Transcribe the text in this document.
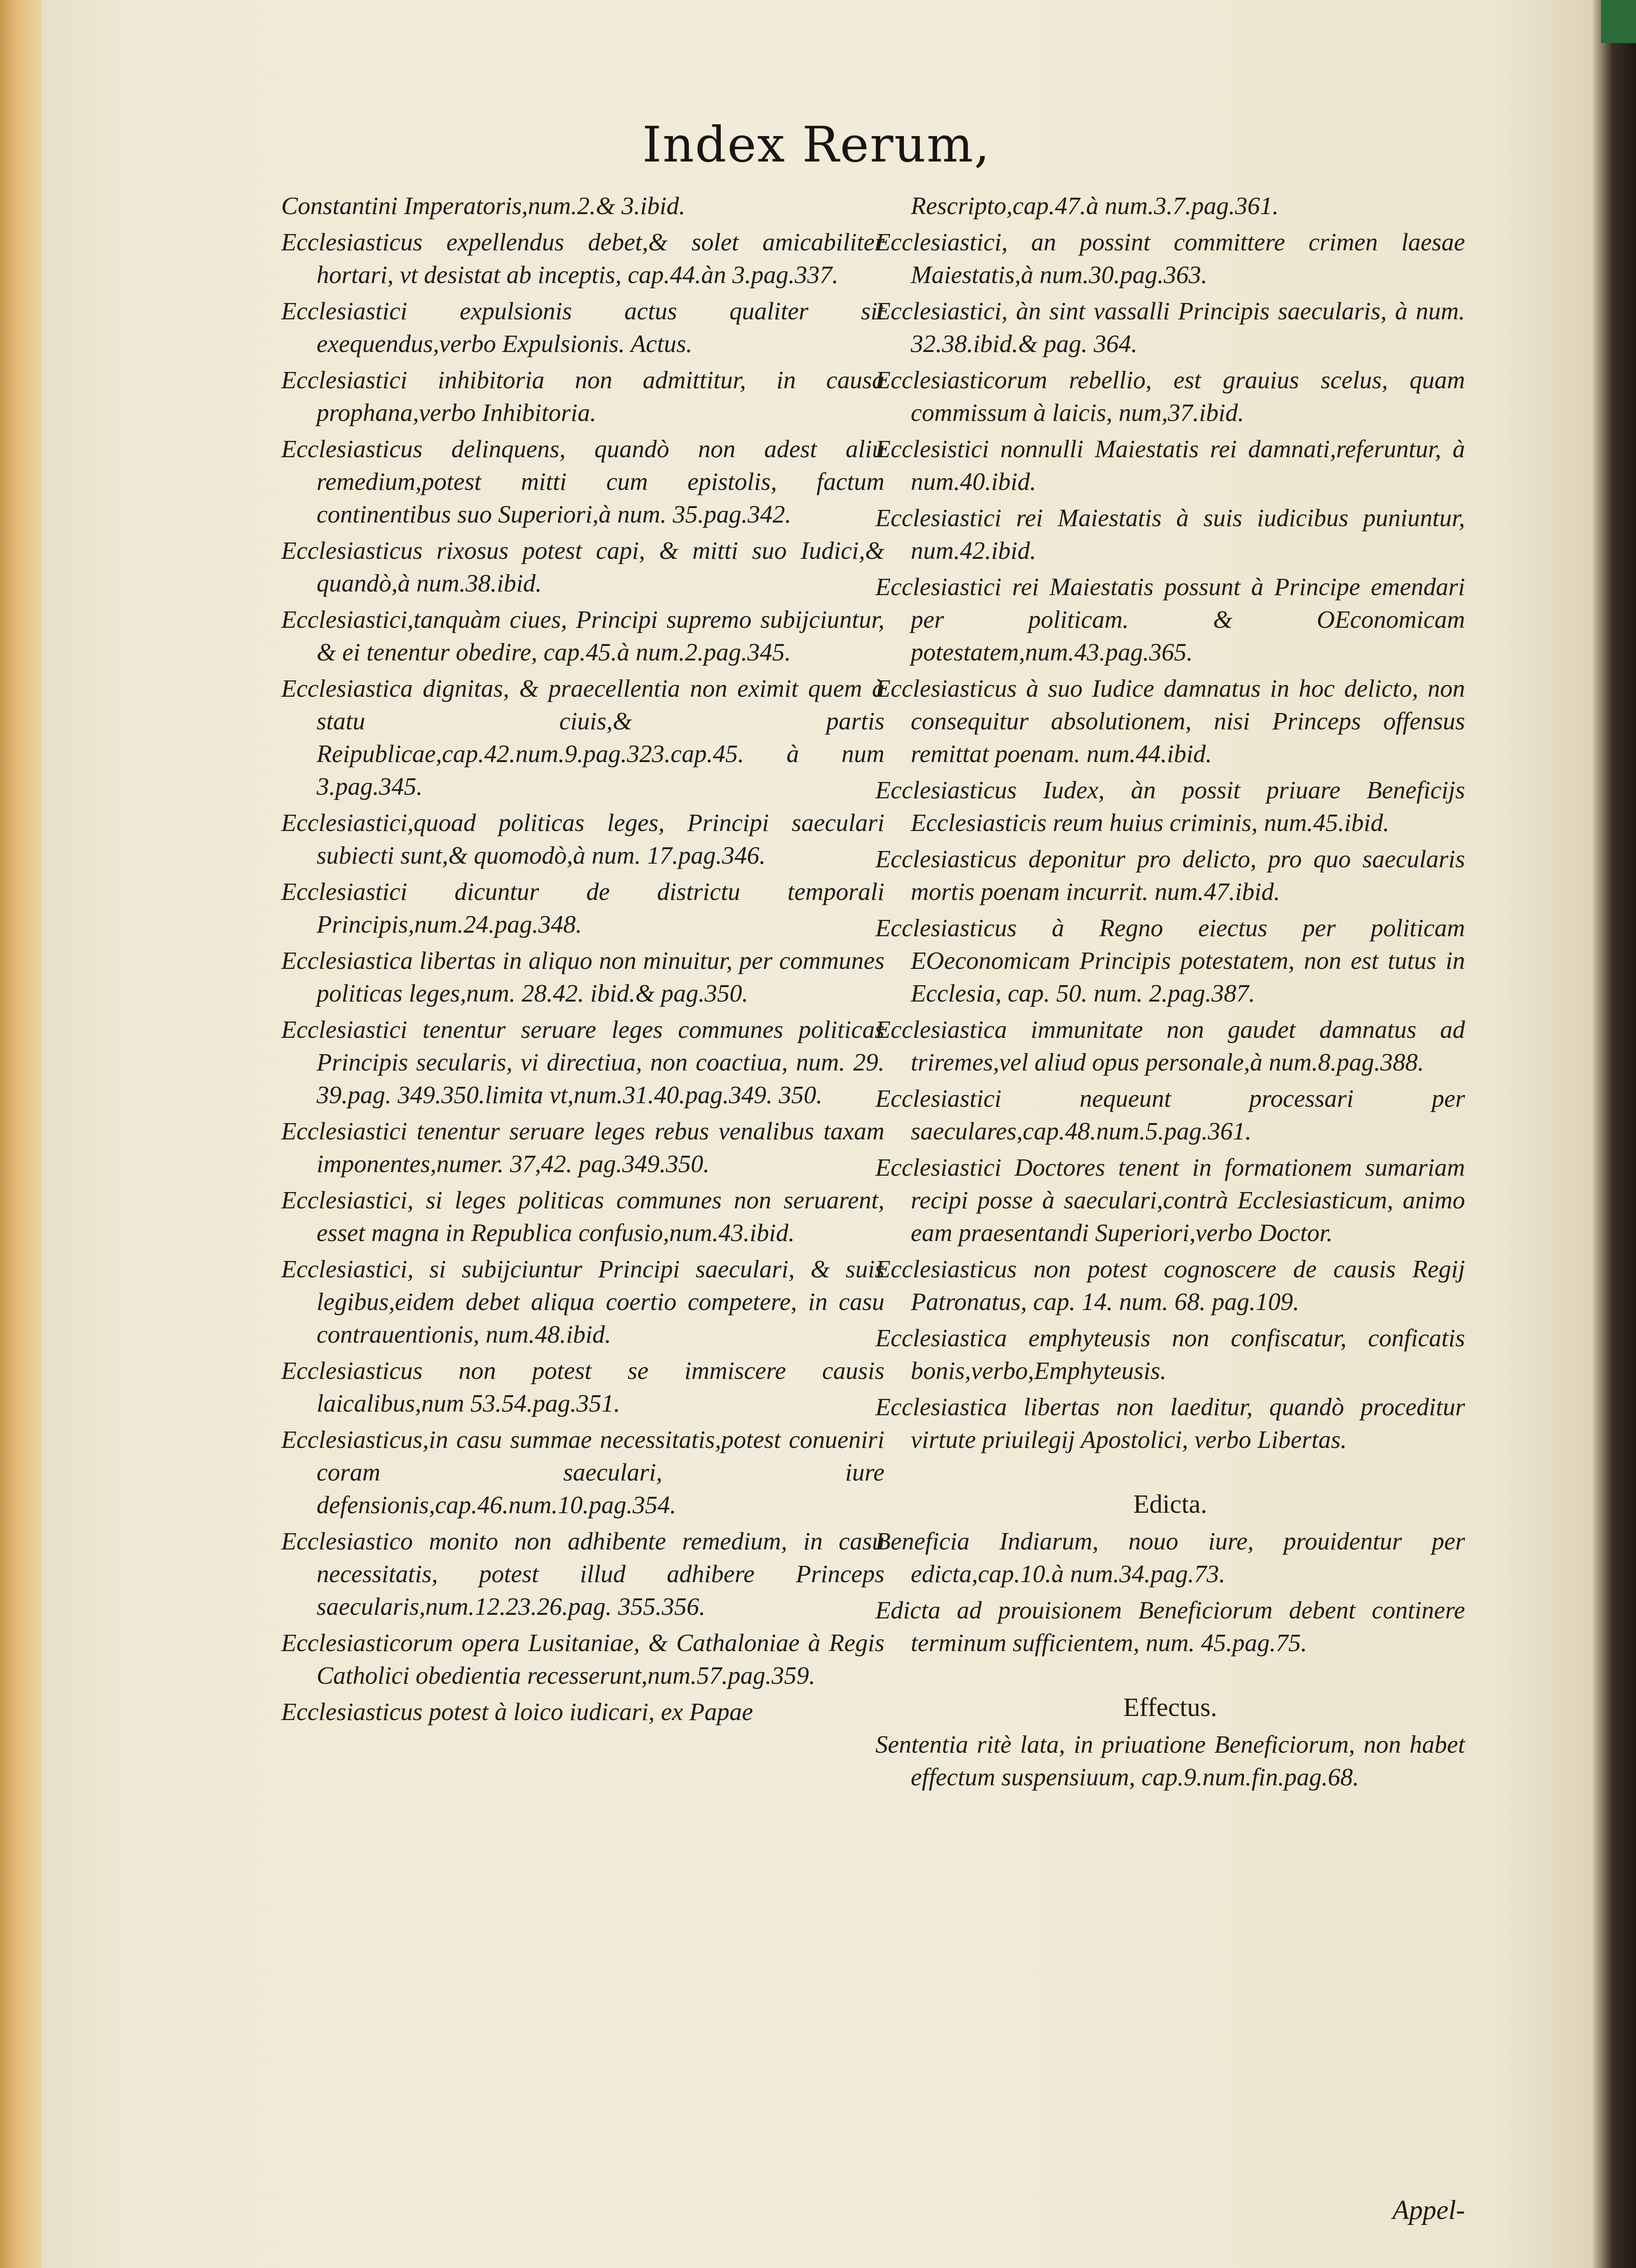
Index Rerum,

Constantini Imperatoris,num.2.& 3.ibid.

Ecclesiasticus expellendus debet,& solet amicabiliter hortari, vt desistat ab inceptis, cap.44.àn 3.pag.337.

Ecclesiastici expulsionis actus qualiter sit exequendus,verbo Expulsionis. Actus.

Ecclesiastici inhibitoria non admittitur, in causa prophana,verbo Inhibitoria.

Ecclesiasticus delinquens, quandò non adest aliu remedium,potest mitti cum epistolis, factum continentibus suo Superiori,à num. 35.pag.342.

Ecclesiasticus rixosus potest capi, & mitti suo Iudici,& quandò,à num.38.ibid.

Ecclesiastici,tanquàm ciues, Principi supremo subijciuntur, & ei tenentur obedire, cap.45.à num.2.pag.345.

Ecclesiastica dignitas, & praecellentia non eximit quem à statu ciuis,& partis Reipublicae,cap.42.num.9.pag.323.cap.45. à num 3.pag.345.

Ecclesiastici,quoad politicas leges, Principi saeculari subiecti sunt,& quomodò,à num. 17.pag.346.

Ecclesiastici dicuntur de districtu temporali Principis,num.24.pag.348.

Ecclesiastica libertas in aliquo non minuitur, per communes politicas leges,num. 28.42. ibid.& pag.350.

Ecclesiastici tenentur seruare leges communes politicas Principis secularis, vi directiua, non coactiua, num. 29. 39.pag. 349.350.limita vt,num.31.40.pag.349. 350.

Ecclesiastici tenentur seruare leges rebus venalibus taxam imponentes,numer. 37,42. pag.349.350.

Ecclesiastici, si leges politicas communes non seruarent, esset magna in Republica confusio,num.43.ibid.

Ecclesiastici, si subijciuntur Principi saeculari, & suis legibus,eidem debet aliqua coertio competere, in casu contrauentionis, num.48.ibid.

Ecclesiasticus non potest se immiscere causis laicalibus,num 53.54.pag.351.

Ecclesiasticus,in casu summae necessitatis,potest conueniri coram saeculari, iure defensionis,cap.46.num.10.pag.354.

Ecclesiastico monito non adhibente remedium, in casu necessitatis, potest illud adhibere Princeps saecularis,num.12.23.26.pag. 355.356.

Ecclesiasticorum opera Lusitaniae, & Cathaloniae à Regis Catholici obedientia recesserunt,num.57.pag.359.

Ecclesiasticus potest à loico iudicari, ex Papae

Rescripto,cap.47.à num.3.7.pag.361.

Ecclesiastici, an possint committere crimen laesae Maiestatis,à num.30.pag.363.

Ecclesiastici, àn sint vassalli Principis saecularis, à num. 32.38.ibid.& pag. 364.

Ecclesiasticorum rebellio, est grauius scelus, quam commissum à laicis, num,37.ibid.

Ecclesistici nonnulli Maiestatis rei damnati,referuntur, à num.40.ibid.

Ecclesiastici rei Maiestatis à suis iudicibus puniuntur, num.42.ibid.

Ecclesiastici rei Maiestatis possunt à Principe emendari per politicam. & OEconomicam potestatem,num.43.pag.365.

Ecclesiasticus à suo Iudice damnatus in hoc delicto, non consequitur absolutionem, nisi Princeps offensus remittat poenam. num.44.ibid.

Ecclesiasticus Iudex, àn possit priuare Beneficijs Ecclesiasticis reum huius criminis, num.45.ibid.

Ecclesiasticus deponitur pro delicto, pro quo saecularis mortis poenam incurrit. num.47.ibid.

Ecclesiasticus à Regno eiectus per politicam EOeconomicam Principis potestatem, non est tutus in Ecclesia, cap. 50. num. 2.pag.387.

Ecclesiastica immunitate non gaudet damnatus ad triremes,vel aliud opus personale,à num.8.pag.388.

Ecclesiastici nequeunt processari per saeculares,cap.48.num.5.pag.361.

Ecclesiastici Doctores tenent in formationem sumariam recipi posse à saeculari,contrà Ecclesiasticum, animo eam praesentandi Superiori,verbo Doctor.

Ecclesiasticus non potest cognoscere de causis Regij Patronatus, cap. 14. num. 68. pag.109.

Ecclesiastica emphyteusis non confiscatur, conficatis bonis,verbo,Emphyteusis.

Ecclesiastica libertas non laeditur, quandò proceditur virtute priuilegij Apostolici, verbo Libertas.

Edicta.

Beneficia Indiarum, nouo iure, prouidentur per edicta,cap.10.à num.34.pag.73.

Edicta ad prouisionem Beneficiorum debent continere terminum sufficientem, num. 45.pag.75.

Effectus.

Sententia ritè lata, in priuatione Beneficiorum, non habet effectum suspensiuum, cap.9.num.fin.pag.68.

Appel-
